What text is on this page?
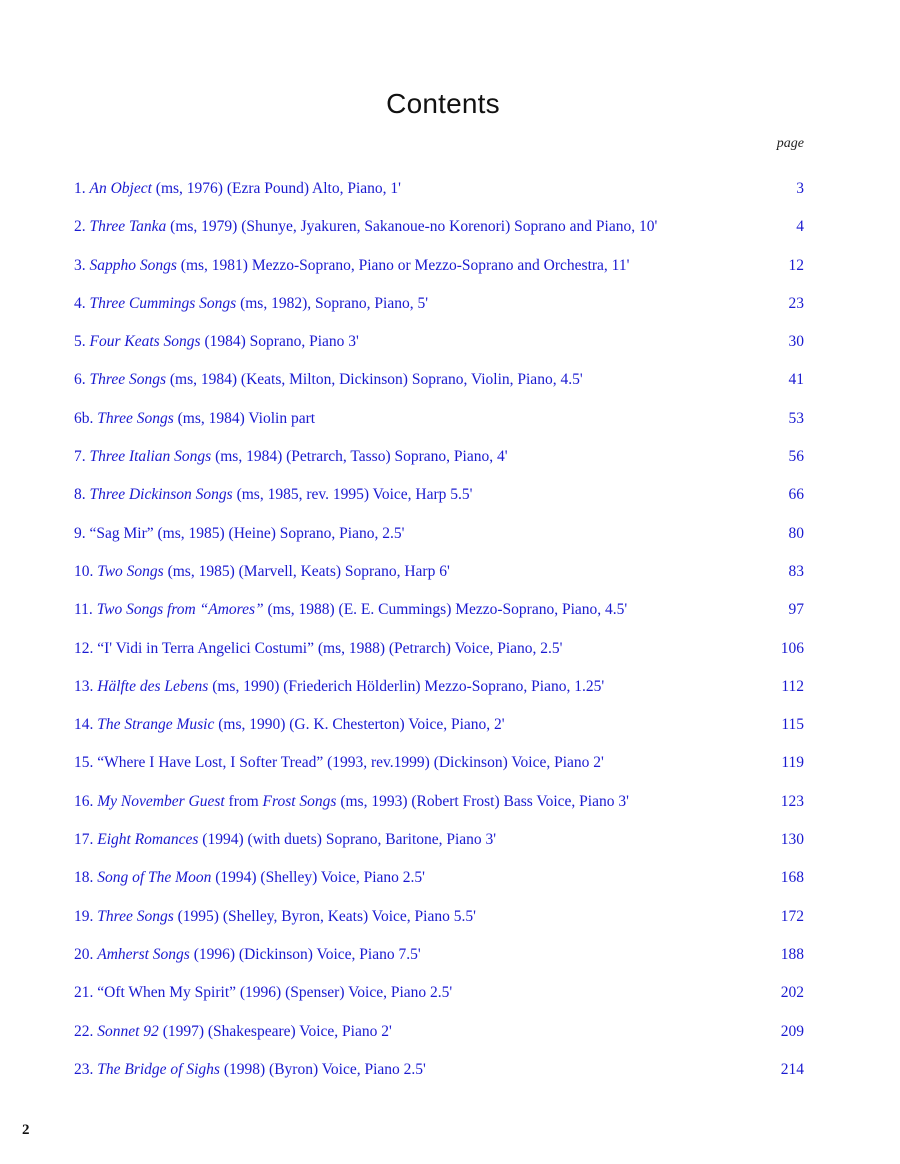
Contents
page
1. An Object (ms, 1976) (Ezra Pound) Alto, Piano, 1'	3
2. Three Tanka (ms, 1979) (Shunye, Jyakuren, Sakanoue-no Korenori) Soprano and Piano, 10'	4
3. Sappho Songs (ms, 1981) Mezzo-Soprano, Piano or Mezzo-Soprano and Orchestra, 11'	12
4. Three Cummings Songs (ms, 1982), Soprano, Piano, 5'	23
5. Four Keats Songs (1984) Soprano, Piano 3'	30
6. Three Songs (ms, 1984) (Keats, Milton, Dickinson) Soprano, Violin, Piano, 4.5'	41
6b. Three Songs (ms, 1984) Violin part	53
7. Three Italian Songs (ms, 1984) (Petrarch, Tasso) Soprano, Piano, 4'	56
8. Three Dickinson Songs (ms, 1985, rev. 1995) Voice, Harp 5.5'	66
9. “Sag Mir” (ms, 1985) (Heine) Soprano, Piano, 2.5'	80
10. Two Songs (ms, 1985) (Marvell, Keats) Soprano, Harp 6'	83
11. Two Songs from “Amores” (ms, 1988) (E. E. Cummings) Mezzo-Soprano, Piano, 4.5'	97
12. “I' Vidi in Terra Angelici Costumi” (ms, 1988) (Petrarch) Voice, Piano, 2.5'	106
13. Hälfte des Lebens (ms, 1990) (Friederich Hölderlin) Mezzo-Soprano, Piano, 1.25'	112
14. The Strange Music (ms, 1990) (G. K. Chesterton) Voice, Piano, 2'	115
15. “Where I Have Lost, I Softer Tread” (1993, rev.1999) (Dickinson) Voice, Piano 2'	119
16. My November Guest from Frost Songs (ms, 1993) (Robert Frost) Bass Voice, Piano 3'	123
17. Eight Romances (1994) (with duets) Soprano, Baritone, Piano 3'	130
18. Song of The Moon (1994) (Shelley) Voice, Piano 2.5'	168
19. Three Songs (1995) (Shelley, Byron, Keats) Voice, Piano 5.5'	172
20. Amherst Songs (1996) (Dickinson) Voice, Piano 7.5'	188
21. “Oft When My Spirit” (1996) (Spenser) Voice, Piano 2.5'	202
22. Sonnet 92 (1997) (Shakespeare) Voice, Piano 2'	209
23. The Bridge of Sighs (1998) (Byron) Voice, Piano 2.5'	214
2
